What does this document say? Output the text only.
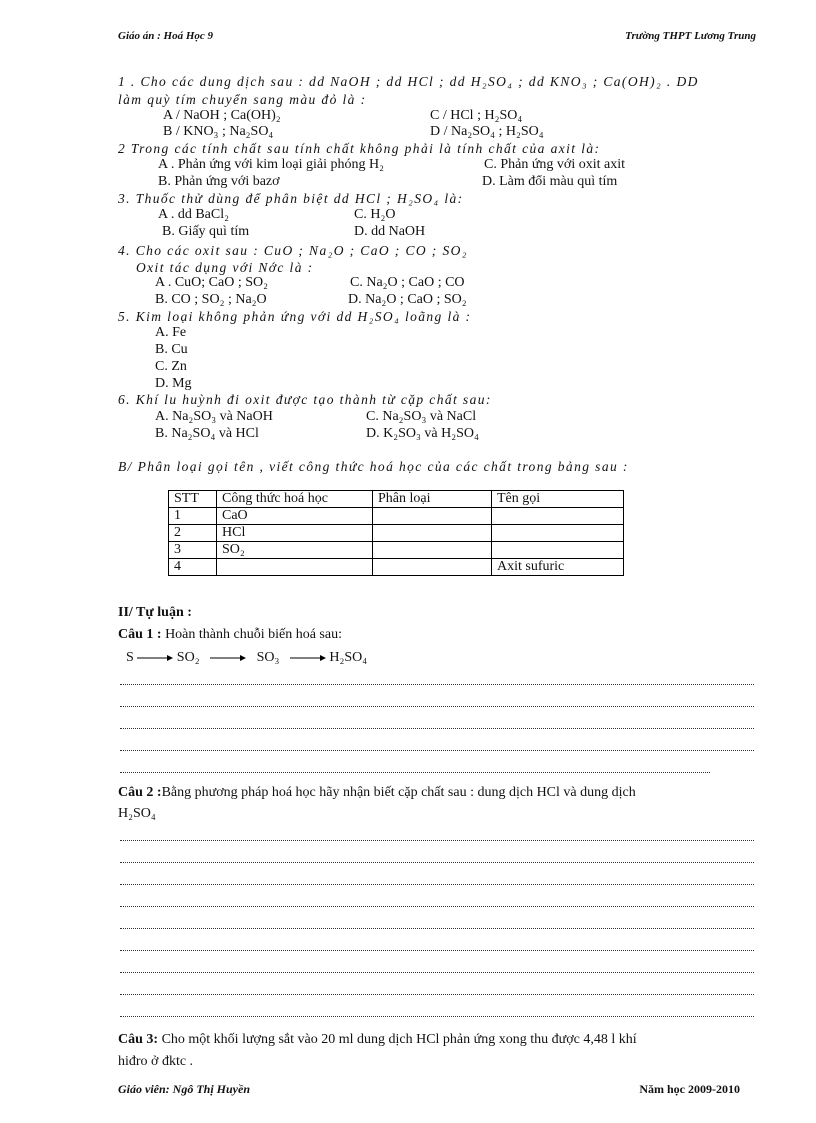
Giáo án : Hoá Học 9	Trường THPT Lương Trung
1 . Cho các dung dịch sau : dd NaOH ; dd HCl ; dd H₂SO₄ ; dd KNO₃ ; Ca(OH)₂ . DD
làm quỳ tím chuyển sang màu đỏ là :
A / NaOH ; Ca(OH)₂	C / HCl ; H₂SO₄
B / KNO₃ ; Na₂SO₄	D / Na₂SO₄ ; H₂SO₄
2 Trong các tính chất sau tính chất không phải là tính chất của axit là:
A . Phản ứng với kim loại giải phóng H₂	C. Phản ứng với oxit axit
B. Phản ứng với bazơ	D. Làm đổi màu quì tím
3. Thuốc thử dùng để phân biệt dd HCl ; H₂SO₄ là:
A . dd BaCl₂	C. H₂O
B. Giấy quì tím	D. dd NaOH
4. Cho các oxit sau : CuO ; Na₂O ; CaO ; CO ; SO₂
Oxit tác dụng với Nớc là :
A . CuO; CaO ; SO₂	C. Na₂O ; CaO ; CO
B. CO ; SO₂ ; Na₂O	D. Na₂O ; CaO ; SO₂
5. Kim loại không phản ứng với dd H₂SO₄ loãng là :
A. Fe
B. Cu
C. Zn
D. Mg
6. Khí lu huỳnh đi oxit được tạo thành từ cặp chất sau:
A. Na₂SO₃ và NaOH	C. Na₂SO₃ và NaCl
B. Na₂SO₄ và HCl	D. K₂SO₃ và H₂SO₄
B/ Phân loại gọi tên , viết công thức hoá học của các chất trong bảng sau :
STT	Công thức hoá học	Phân loại	Tên gọi
1	CaO		
2	HCl		
3	SO₂		
4			Axit sufuric
II/ Tự luận :
Câu 1 : Hoàn thành chuỗi biến hoá sau:
S	SO₂	SO₃	H₂SO₄
Câu 2 :Bằng phương pháp hoá học hãy nhận biết cặp chất sau : dung dịch HCl và dung dịch
H₂SO₄
Câu 3: Cho một khối lượng sắt vào 20 ml dung dịch HCl phản ứng xong thu được 4,48 l khí
hiđro ở đktc .
Giáo viên: Ngô Thị Huyền	Năm học 2009-2010
